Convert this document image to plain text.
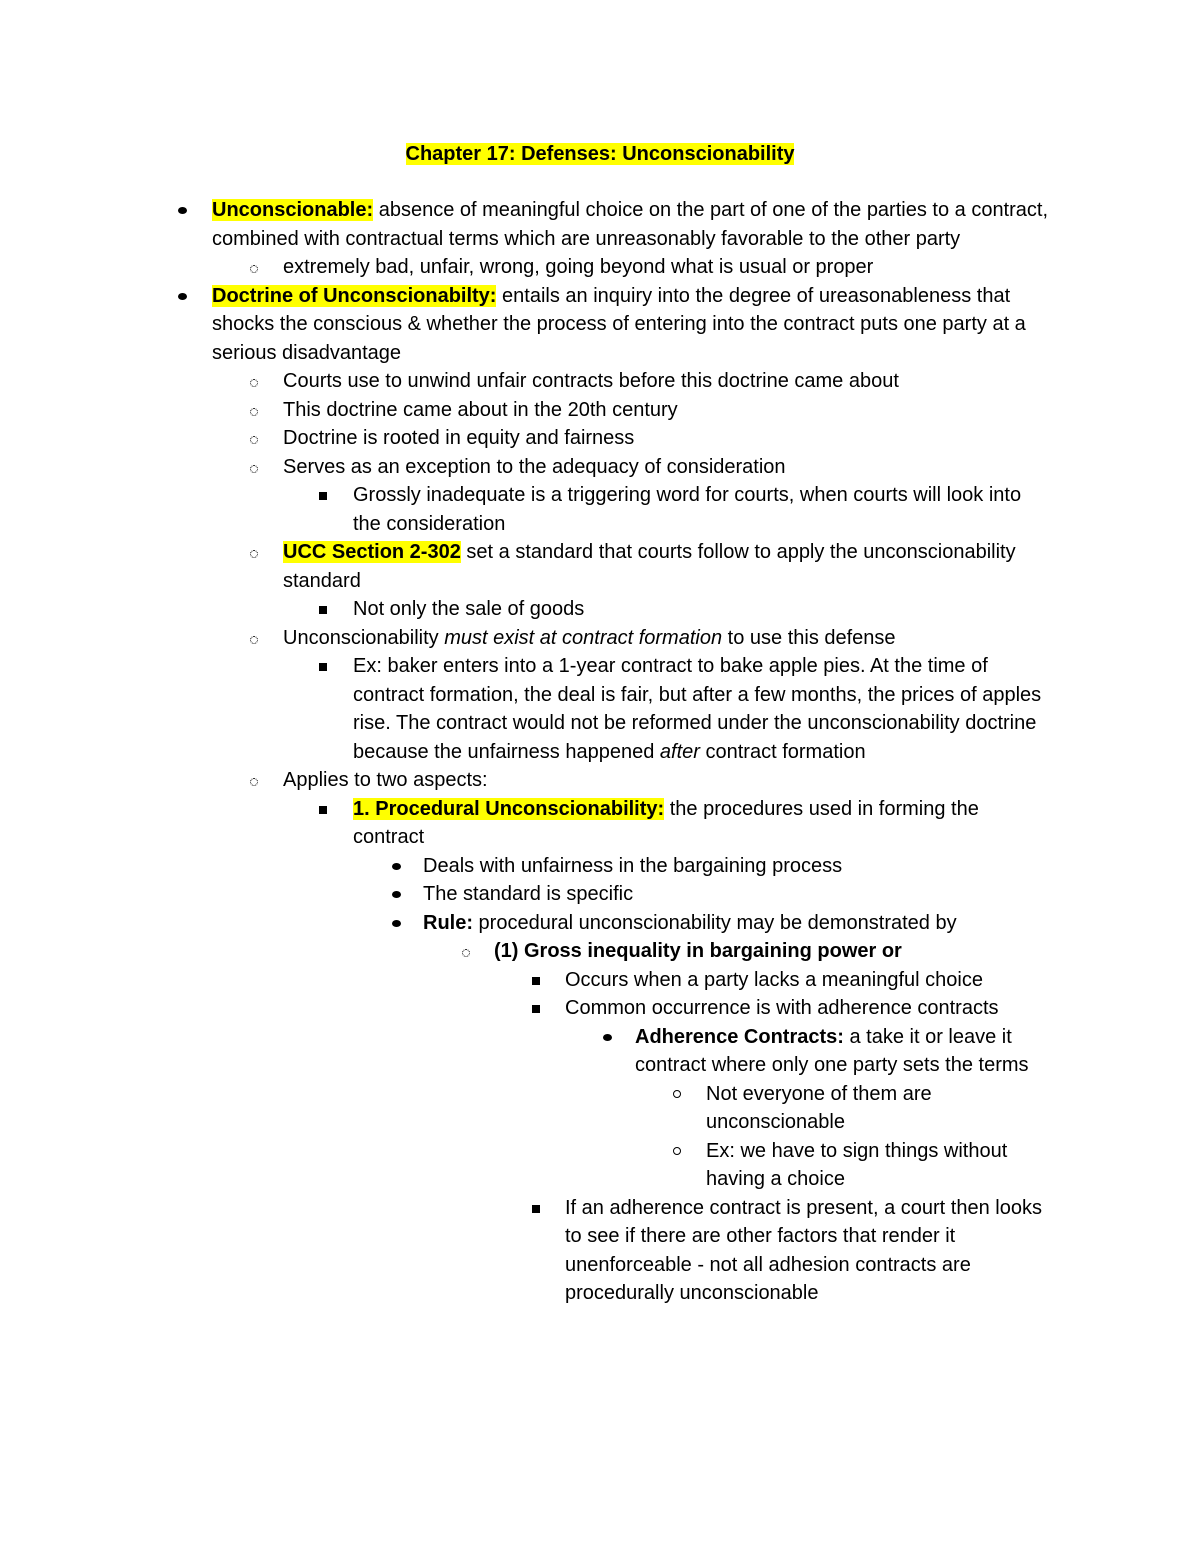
Chapter 17: Defenses: Unconscionability
Unconscionable: absence of meaningful choice on the part of one of the parties to a contract, combined with contractual terms which are unreasonably favorable to the other party
extremely bad, unfair, wrong, going beyond what is usual or proper
Doctrine of Unconscionabilty: entails an inquiry into the degree of ureasonableness that shocks the conscious & whether the process of entering into the contract puts one party at a serious disadvantage
Courts use to unwind unfair contracts before this doctrine came about
This doctrine came about in the 20th century
Doctrine is rooted in equity and fairness
Serves as an exception to the adequacy of consideration
Grossly inadequate is a triggering word for courts, when courts will look into the consideration
UCC Section 2-302 set a standard that courts follow to apply the unconscionability standard
Not only the sale of goods
Unconscionability must exist at contract formation to use this defense
Ex: baker enters into a 1-year contract to bake apple pies. At the time of contract formation, the deal is fair, but after a few months, the prices of apples rise. The contract would not be reformed under the unconscionability doctrine because the unfairness happened after contract formation
Applies to two aspects:
1. Procedural Unconscionability: the procedures used in forming the contract
Deals with unfairness in the bargaining process
The standard is specific
Rule: procedural unconscionability may be demonstrated by
(1) Gross inequality in bargaining power or
Occurs when a party lacks a meaningful choice
Common occurrence is with adherence contracts
Adherence Contracts: a take it or leave it contract where only one party sets the terms
Not everyone of them are unconscionable
Ex: we have to sign things without having a choice
If an adherence contract is present, a court then looks to see if there are other factors that render it unenforceable - not all adhesion contracts are procedurally unconscionable
